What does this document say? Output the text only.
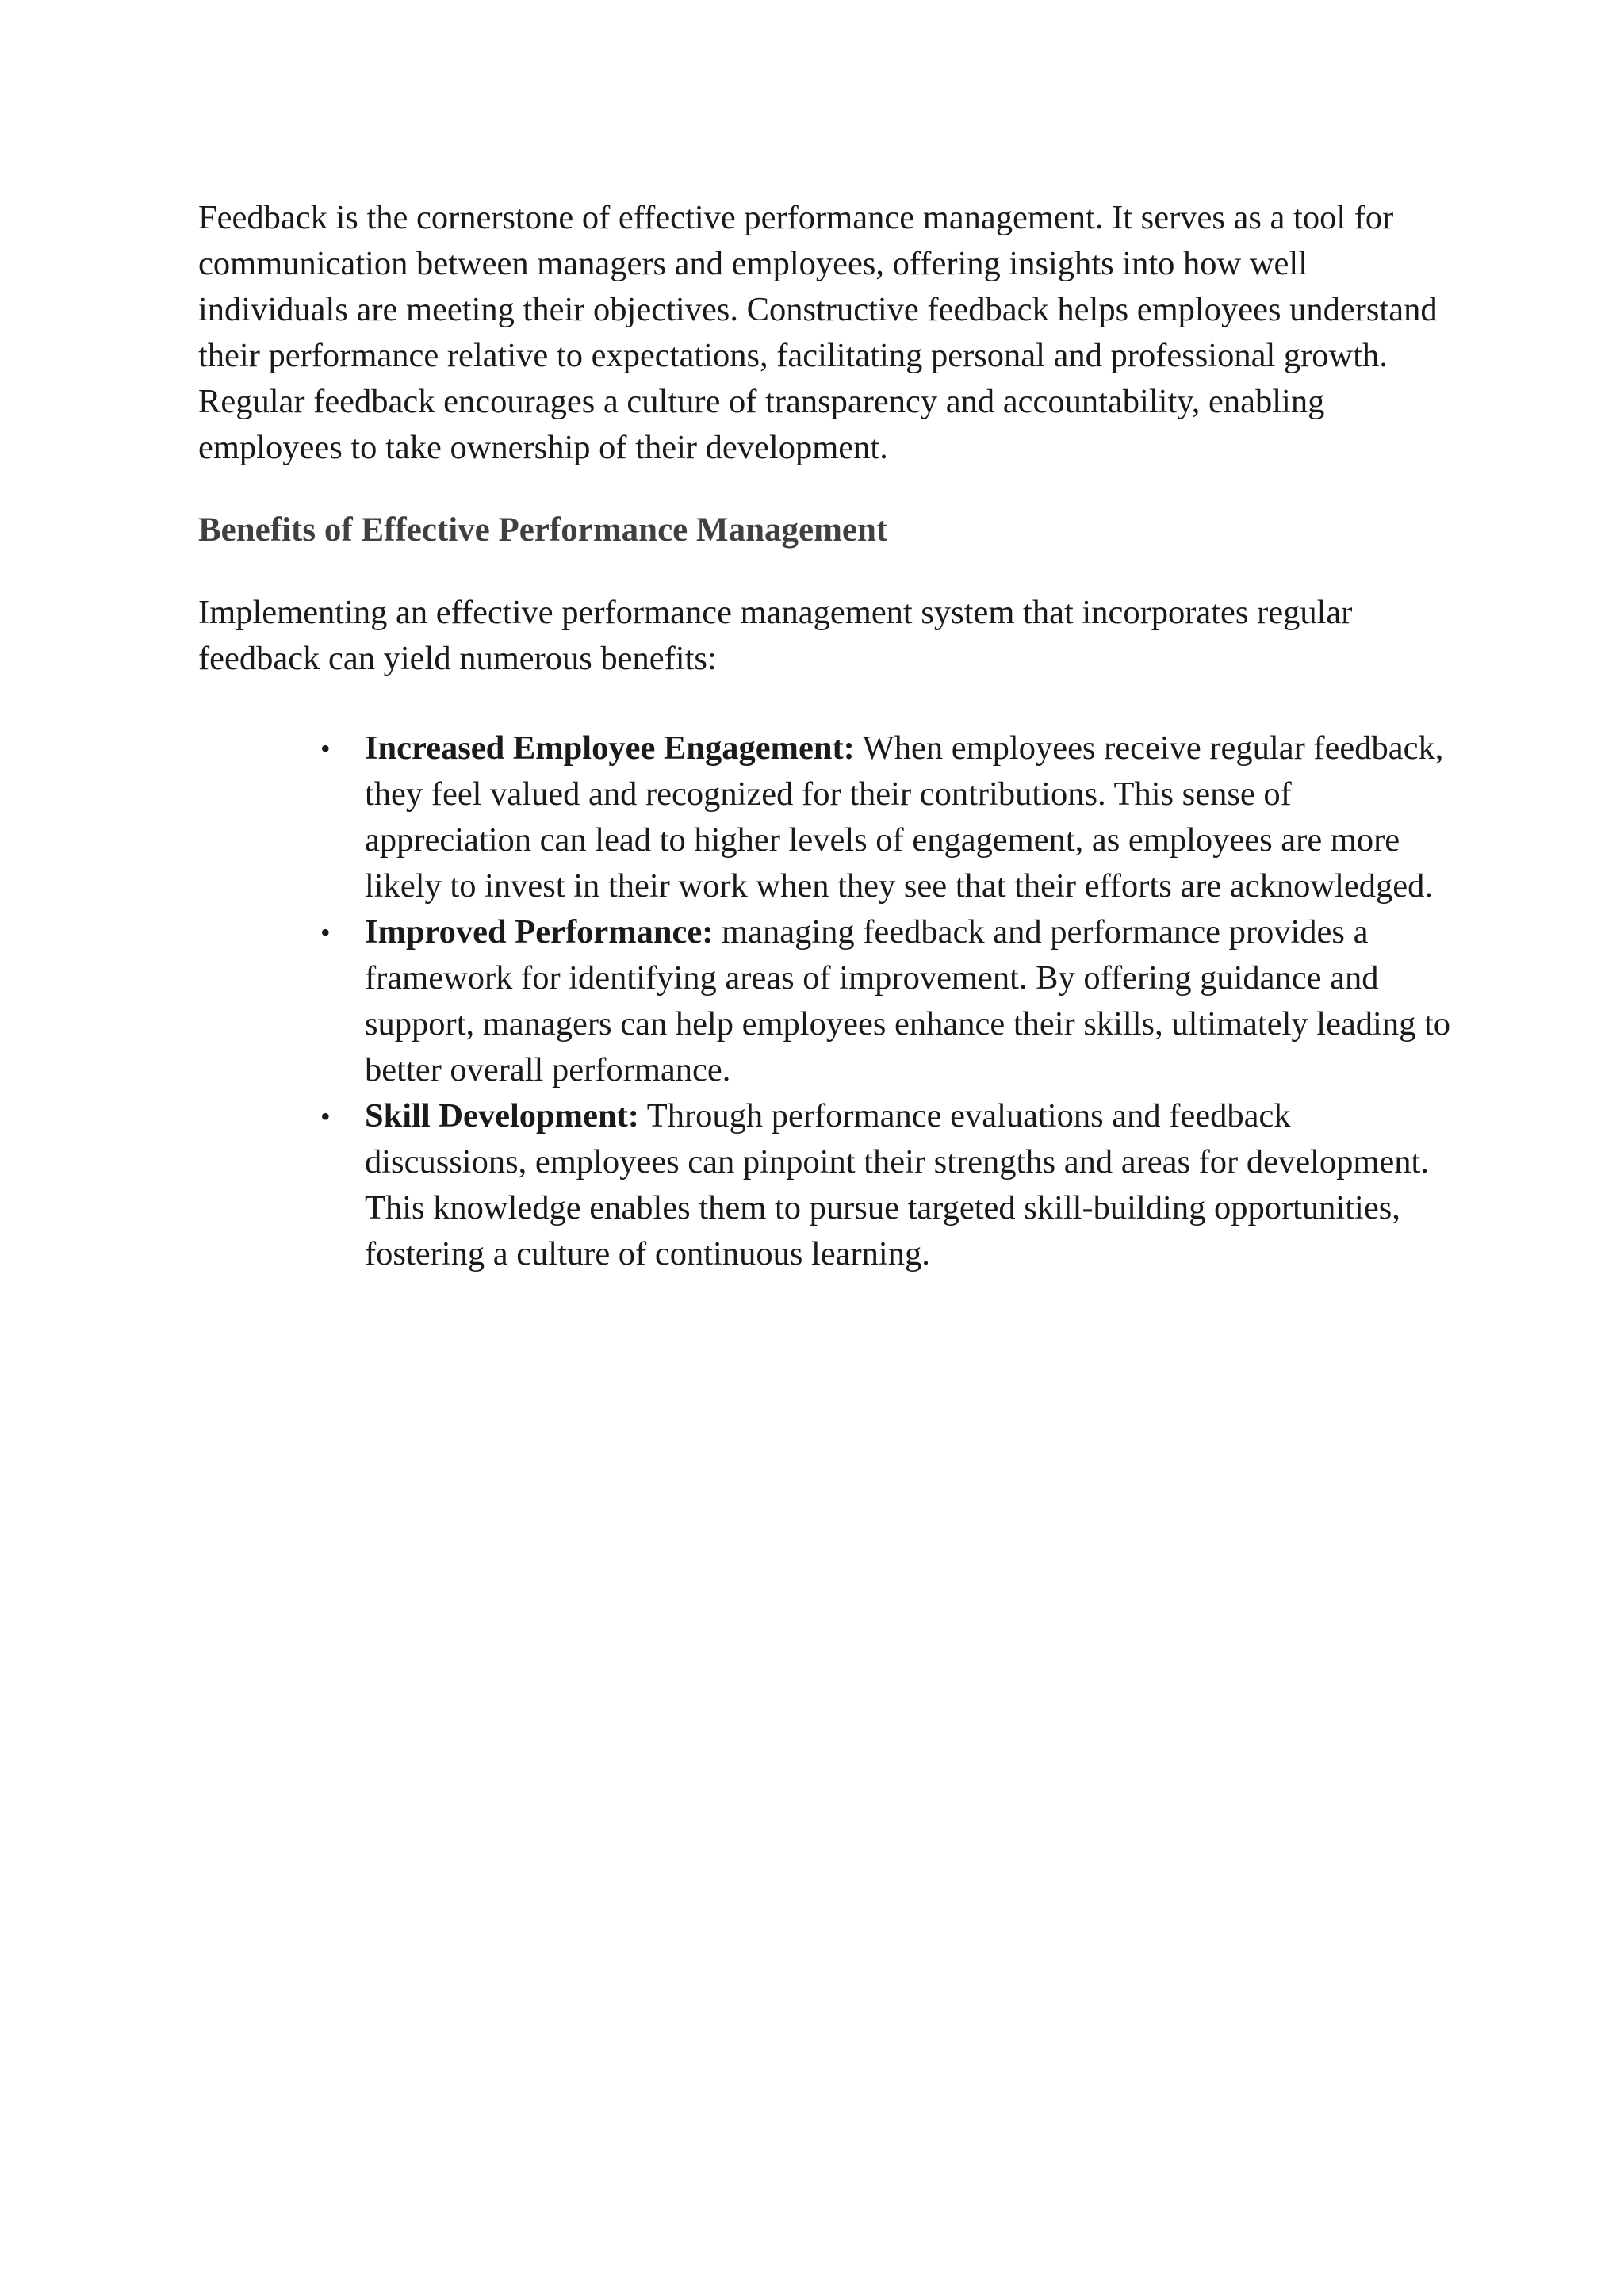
Feedback is the cornerstone of effective performance management. It serves as a tool for communication between managers and employees, offering insights into how well individuals are meeting their objectives. Constructive feedback helps employees understand their performance relative to expectations, facilitating personal and professional growth. Regular feedback encourages a culture of transparency and accountability, enabling employees to take ownership of their development.

Benefits of Effective Performance Management

Implementing an effective performance management system that incorporates regular feedback can yield numerous benefits:

• Increased Employee Engagement: When employees receive regular feedback, they feel valued and recognized for their contributions. This sense of appreciation can lead to higher levels of engagement, as employees are more likely to invest in their work when they see that their efforts are acknowledged.
• Improved Performance: managing feedback and performance provides a framework for identifying areas of improvement. By offering guidance and support, managers can help employees enhance their skills, ultimately leading to better overall performance.
• Skill Development: Through performance evaluations and feedback discussions, employees can pinpoint their strengths and areas for development. This knowledge enables them to pursue targeted skill-building opportunities, fostering a culture of continuous learning.
